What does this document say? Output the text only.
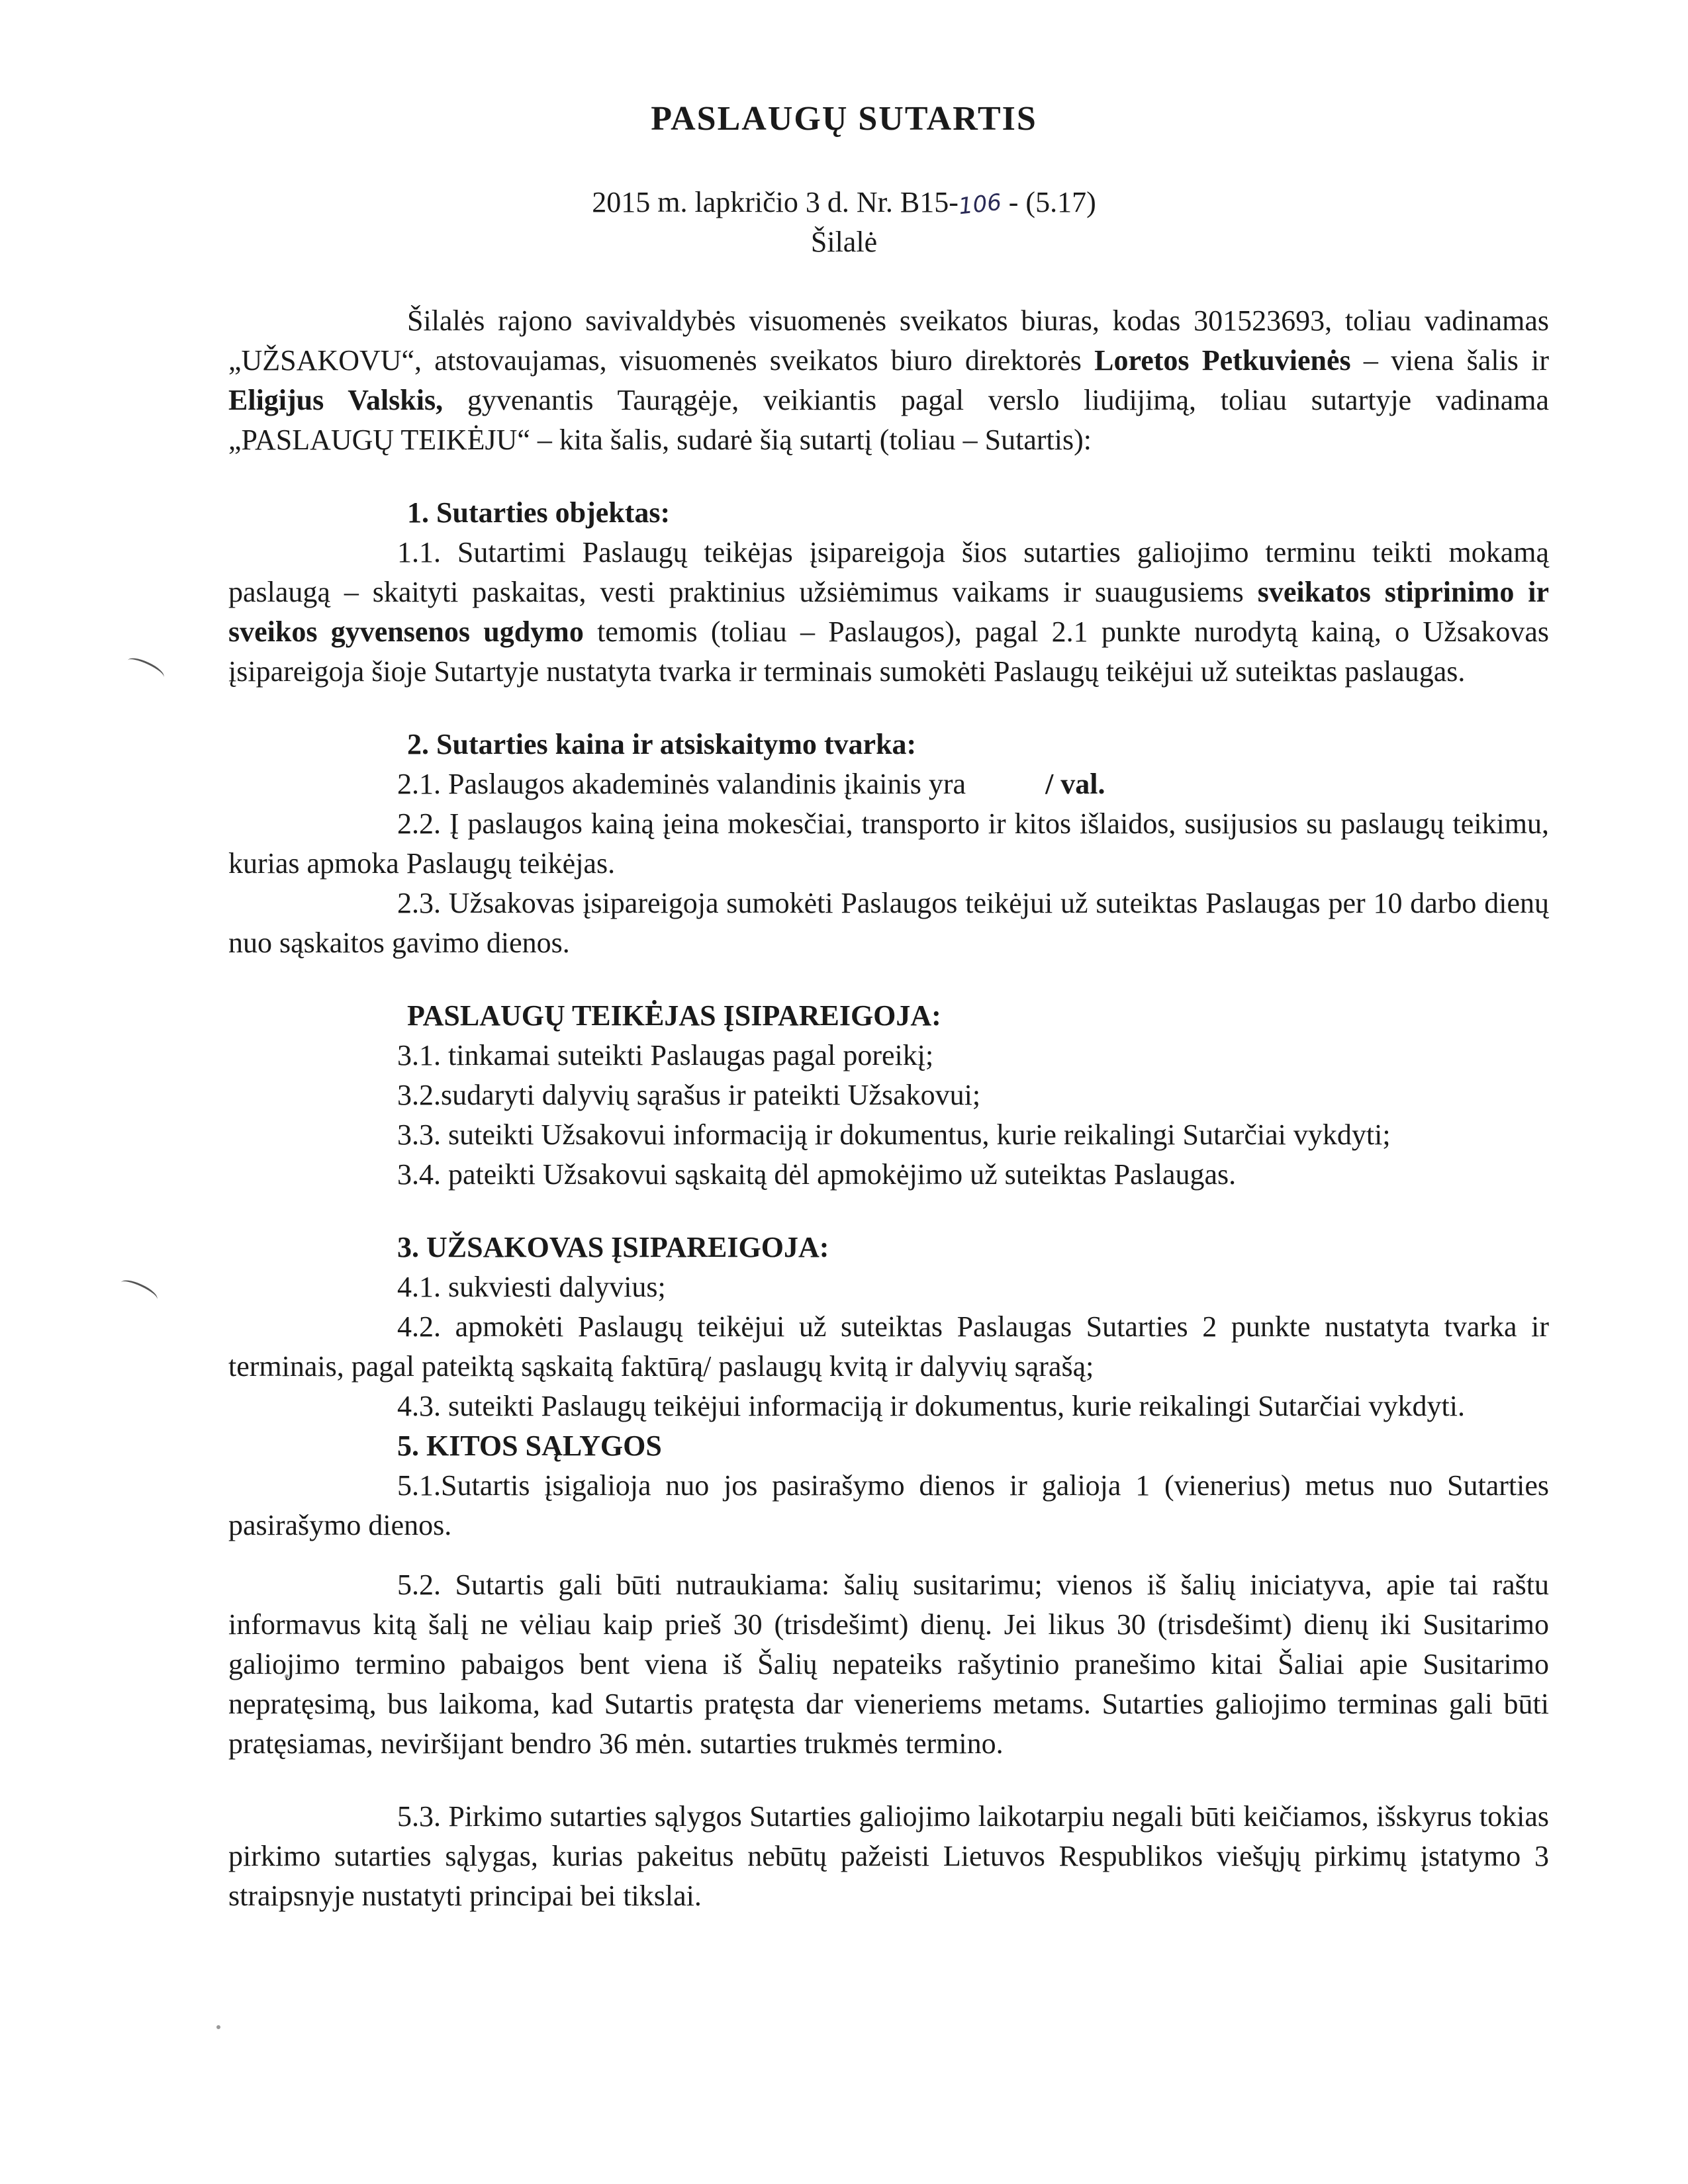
PASLAUGŲ SUTARTIS
2015 m. lapkričio 3 d. Nr. B15-106 - (5.17)
Šilalė

Šilalės rajono savivaldybės visuomenės sveikatos biuras, kodas 301523693, toliau vadinamas „UŽSAKOVU“, atstovaujamas, visuomenės sveikatos biuro direktorės Loretos Petkuvienės – viena šalis ir Eligijus Valskis, gyvenantis Taurągėje, veikiantis pagal verslo liudijimą, toliau sutartyje vadinama „PASLAUGŲ TEIKĖJU“ – kita šalis, sudarė šią sutartį (toliau – Sutartis):

1. Sutarties objektas:

1.1. Sutartimi Paslaugų teikėjas įsipareigoja šios sutarties galiojimo terminu teikti mokamą paslaugą – skaityti paskaitas, vesti praktinius užsiėmimus vaikams ir suaugusiems sveikatos stiprinimo ir sveikos gyvensenos ugdymo temomis (toliau – Paslaugos), pagal 2.1 punkte nurodytą kainą, o Užsakovas įsipareigoja šioje Sutartyje nustatyta tvarka ir terminais sumokėti Paslaugų teikėjui už suteiktas paslaugas.

2. Sutarties kaina ir atsiskaitymo tvarka:

2.1. Paslaugos akademinės valandinis įkainis yra	/ val.

2.2. Į paslaugos kainą įeina mokesčiai, transporto ir kitos išlaidos, susijusios su paslaugų teikimu, kurias apmoka Paslaugų teikėjas.

2.3. Užsakovas įsipareigoja sumokėti Paslaugos teikėjui už suteiktas Paslaugas per 10 darbo dienų nuo sąskaitos gavimo dienos.

PASLAUGŲ TEIKĖJAS ĮSIPAREIGOJA:

3.1. tinkamai suteikti Paslaugas pagal poreikį;

3.2.sudaryti dalyvių sąrašus ir pateikti Užsakovui;

3.3. suteikti Užsakovui informaciją ir dokumentus, kurie reikalingi Sutarčiai vykdyti;

3.4. pateikti Užsakovui sąskaitą dėl apmokėjimo už suteiktas Paslaugas.

3. UŽSAKOVAS ĮSIPAREIGOJA:

4.1. sukviesti dalyvius;

4.2. apmokėti Paslaugų teikėjui už suteiktas Paslaugas Sutarties 2 punkte nustatyta tvarka ir terminais, pagal pateiktą sąskaitą faktūrą/ paslaugų kvitą ir dalyvių sąrašą;

4.3. suteikti Paslaugų teikėjui informaciją ir dokumentus, kurie reikalingi Sutarčiai vykdyti.

5. KITOS SĄLYGOS

5.1.Sutartis įsigalioja nuo jos pasirašymo dienos ir galioja 1 (vienerius) metus nuo Sutarties pasirašymo dienos.

5.2. Sutartis gali būti nutraukiama: šalių susitarimu; vienos iš šalių iniciatyva, apie tai raštu informavus kitą šalį ne vėliau kaip prieš 30 (trisdešimt) dienų. Jei likus 30 (trisdešimt) dienų iki Susitarimo galiojimo termino pabaigos bent viena iš Šalių nepateiks rašytinio pranešimo kitai Šaliai apie Susitarimo nepratęsimą, bus laikoma, kad Sutartis pratęsta dar vieneriems metams. Sutarties galiojimo terminas gali būti pratęsiamas, neviršijant bendro 36 mėn. sutarties trukmės termino.

5.3. Pirkimo sutarties sąlygos Sutarties galiojimo laikotarpiu negali būti keičiamos, išskyrus tokias pirkimo sutarties sąlygas, kurias pakeitus nebūtų pažeisti Lietuvos Respublikos viešųjų pirkimų įstatymo 3 straipsnyje nustatyti principai bei tikslai.
